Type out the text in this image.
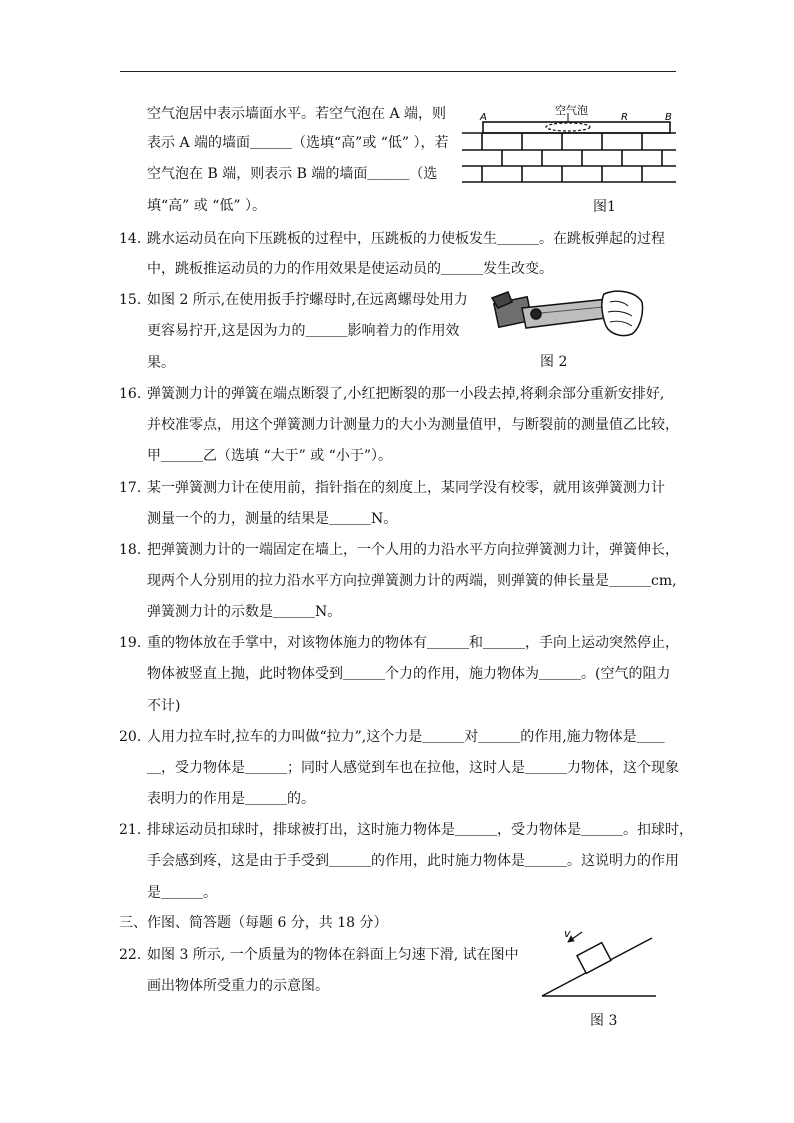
空气泡居中表示墙面水平。若空气泡在 A 端，则
表示 A 端的墙面＿＿＿（选填“高”或 “低” ），若
空气泡在 B 端，则表示 B 端的墙面＿＿＿（选
填“高” 或 “低” ）。
空气泡
A	R	B
图1
14. 跳水运动员在向下压跳板的过程中，压跳板的力使板发生＿＿＿。在跳板弹起的过程
中，跳板推运动员的力的作用效果是使运动员的＿＿＿发生改变。
15. 如图 2 所示,在使用扳手拧螺母时,在远离螺母处用力
更容易拧开,这是因为力的＿＿＿影响着力的作用效
果。	图 2
16. 弹簧测力计的弹簧在端点断裂了,小红把断裂的那一小段去掉,将剩余部分重新安排好,
并校准零点，用这个弹簧测力计测量力的大小为测量值甲，与断裂前的测量值乙比较，
甲＿＿＿乙（选填 “大于” 或 “小于”）。
17. 某一弹簧测力计在使用前，指针指在的刻度上，某同学没有校零，就用该弹簧测力计
测量一个的力，测量的结果是＿＿＿N。
18. 把弹簧测力计的一端固定在墙上，一个人用的力沿水平方向拉弹簧测力计，弹簧伸长，
现两个人分别用的拉力沿水平方向拉弹簧测力计的两端，则弹簧的伸长量是＿＿＿cm,
弹簧测力计的示数是＿＿＿N。
19. 重的物体放在手掌中，对该物体施力的物体有＿＿＿和＿＿＿，手向上运动突然停止，
物体被竖直上抛，此时物体受到＿＿＿个力的作用，施力物体为＿＿＿。(空气的阻力
不计)
20. 人用力拉车时,拉车的力叫做“拉力”,这个力是＿＿＿对＿＿＿的作用,施力物体是＿＿
＿，受力物体是＿＿＿；同时人感觉到车也在拉他，这时人是＿＿＿力物体，这个现象
表明力的作用是＿＿＿的。
21. 排球运动员扣球时，排球被打出，这时施力物体是＿＿＿，受力物体是＿＿＿。扣球时，
手会感到疼，这是由于手受到＿＿＿的作用，此时施力物体是＿＿＿。这说明力的作用
是＿＿＿。
三、作图、简答题（每题 6 分，共 18 分）
22. 如图 3 所示, 一个质量为的物体在斜面上匀速下滑, 试在图中
画出物体所受重力的示意图。
v
图 3
